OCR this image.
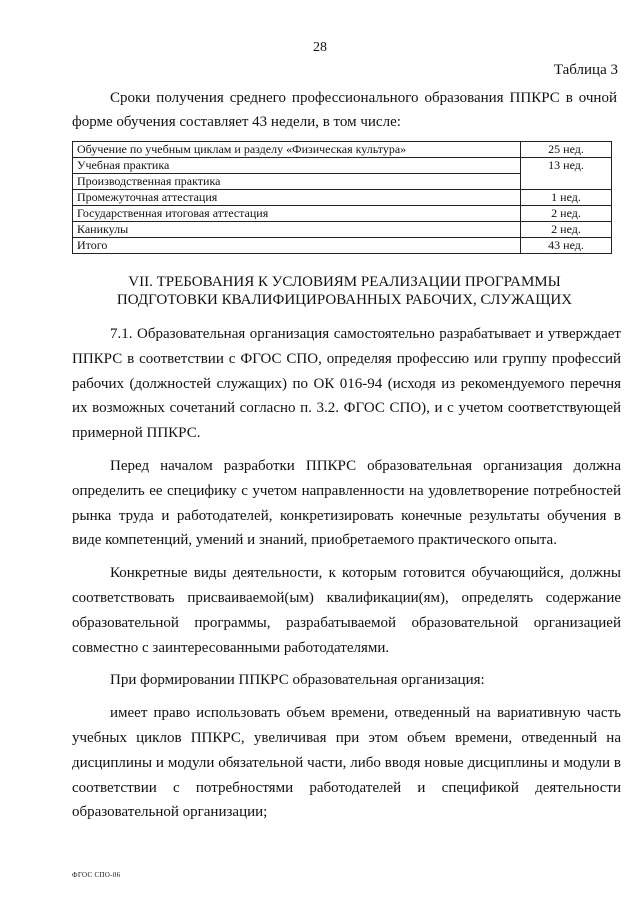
28
Таблица 3

Сроки получения среднего профессионального образования ППКРС в очной форме обучения составляет 43 недели, в том числе:

Обучение по учебным циклам и разделу «Физическая культура»	25 нед.
Учебная практика	13 нед.
Производственная практика	
Промежуточная аттестация	1 нед.
Государственная итоговая аттестация	2 нед.
Каникулы	2 нед.
Итого	43 нед.
VII. ТРЕБОВАНИЯ К УСЛОВИЯМ РЕАЛИЗАЦИИ ПРОГРАММЫ
ПОДГОТОВКИ КВАЛИФИЦИРОВАННЫХ РАБОЧИХ, СЛУЖАЩИХ

7.1. Образовательная организация самостоятельно разрабатывает и утверждает ППКРС в соответствии с ФГОС СПО, определяя профессию или группу профессий рабочих (должностей служащих) по ОК 016-94 (исходя из рекомендуемого перечня их возможных сочетаний согласно п. 3.2. ФГОС СПО), и с учетом соответствующей примерной ППКРС.

Перед началом разработки ППКРС образовательная организация должна определить ее специфику с учетом направленности на удовлетворение потребностей рынка труда и работодателей, конкретизировать конечные результаты обучения в виде компетенций, умений и знаний, приобретаемого практического опыта.

Конкретные виды деятельности, к которым готовится обучающийся, должны соответствовать присваиваемой(ым) квалификации(ям), определять содержание образовательной программы, разрабатываемой образовательной организацией совместно с заинтересованными работодателями.

При формировании ППКРС образовательная организация:

имеет право использовать объем времени, отведенный на вариативную часть учебных циклов ППКРС, увеличивая при этом объем времени, отведенный на дисциплины и модули обязательной части, либо вводя новые дисциплины и модули в соответствии с потребностями работодателей и спецификой деятельности образовательной организации;

ФГОС СПО-06
